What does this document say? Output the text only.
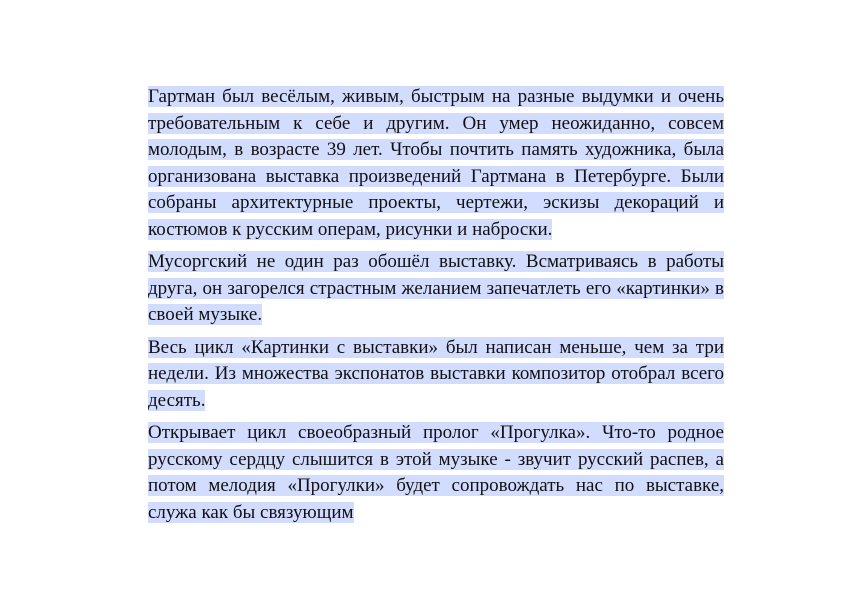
Гартман был весёлым, живым, быстрым на разные выдумки и очень требовательным к себе и другим. Он умер неожиданно, совсем молодым, в возрасте 39 лет. Чтобы почтить память художника, была организована выставка произведений Гартмана в Петербурге. Были собраны архитектурные проекты, чертежи, эскизы декораций и костюмов к русским операм, рисунки и наброски.

Мусоргский не один раз обошёл выставку. Всматриваясь в работы друга, он загорелся страстным желанием запечатлеть его «картинки» в своей музыке.

Весь цикл «Картинки с выставки» был написан меньше, чем за три недели. Из множества экспонатов выставки композитор отобрал всего десять.

Открывает цикл своеобразный пролог «Прогулка». Что-то родное русскому сердцу слышится в этой музыке - звучит русский распев, а потом мелодия «Прогулки» будет сопровождать нас по выставке, служа как бы связующим
